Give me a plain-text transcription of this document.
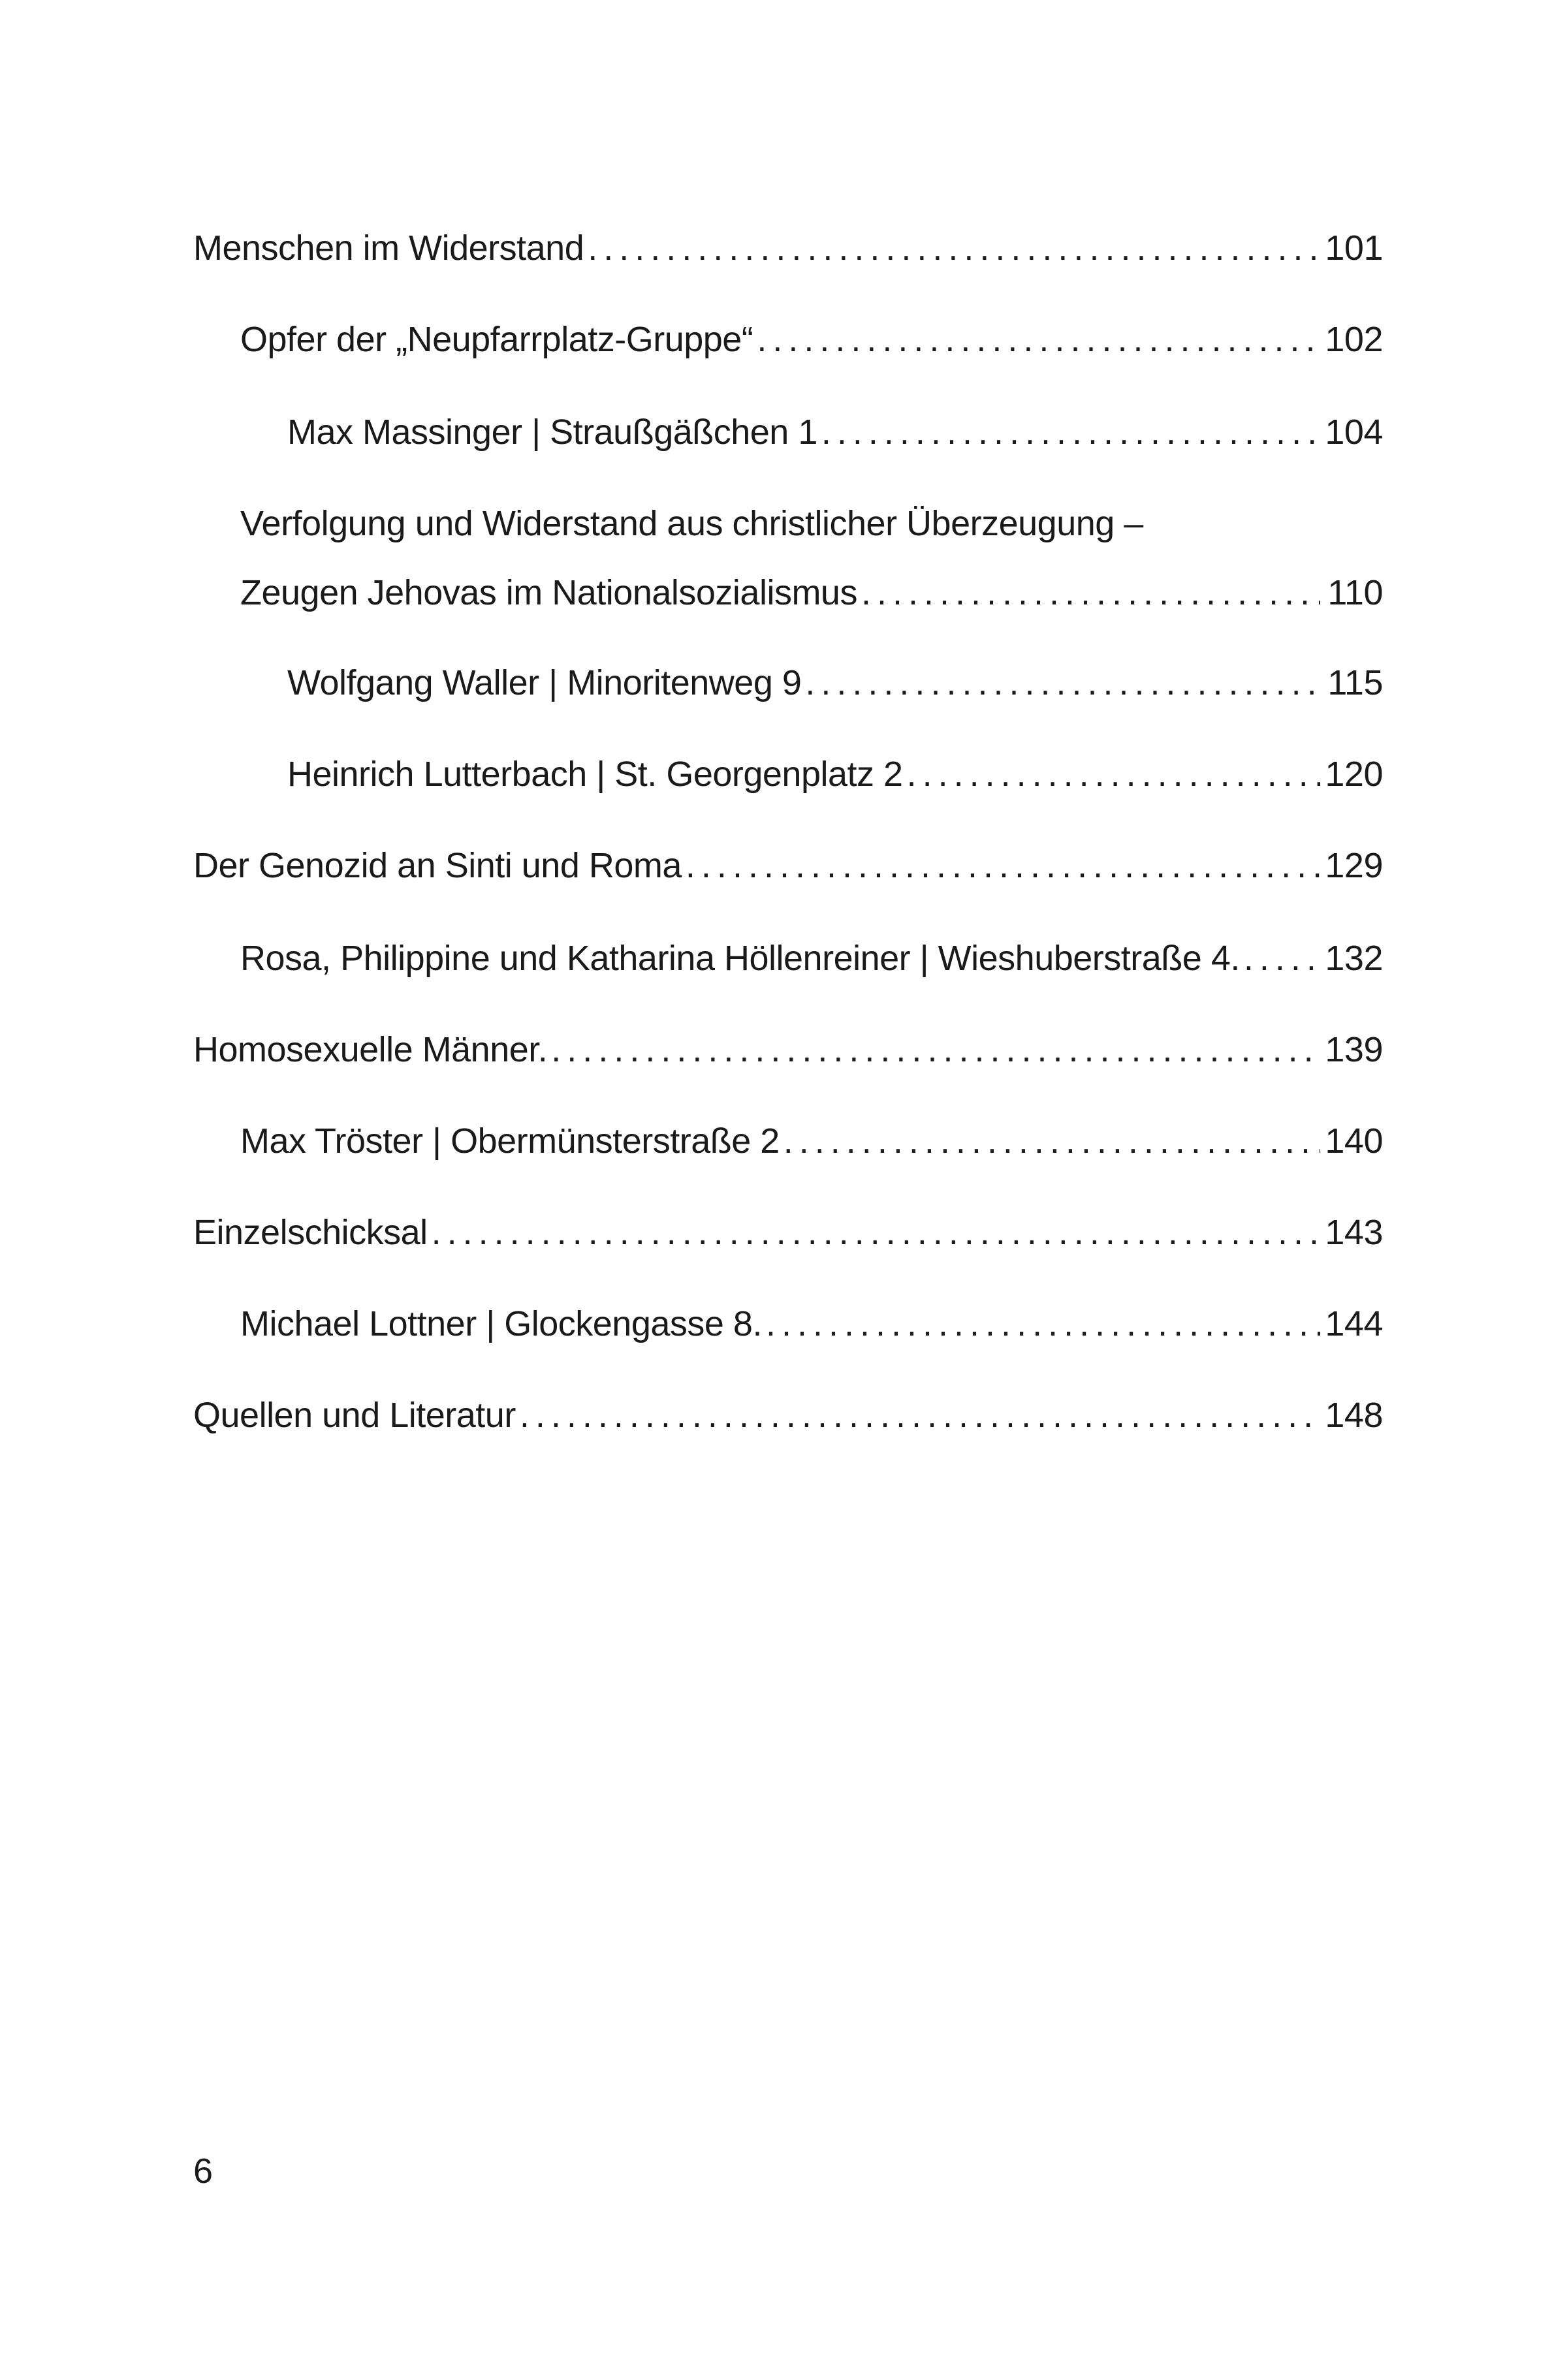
Menschen im Widerstand . . .	101
Opfer der „Neupfarrplatz-Gruppe“ . . .	102
Max Massinger | Straußgäßchen 1 . . .	104
Verfolgung und Widerstand aus christlicher Überzeugung –
Zeugen Jehovas im Nationalsozialismus . . .	110
Wolfgang Waller | Minoritenweg 9 . . .	115
Heinrich Lutterbach | St. Georgenplatz 2 . . .	120
Der Genozid an Sinti und Roma . . .	129
Rosa, Philippine und Katharina Höllenreiner | Wieshuberstraße 4. . . . 132
Homosexuelle Männer. . . .	139
Max Tröster | Obermünsterstraße 2 . . .	140
Einzelschicksal . . .	143
Michael Lottner | Glockengasse 8. . . .	144
Quellen und Literatur . . .	148
6
